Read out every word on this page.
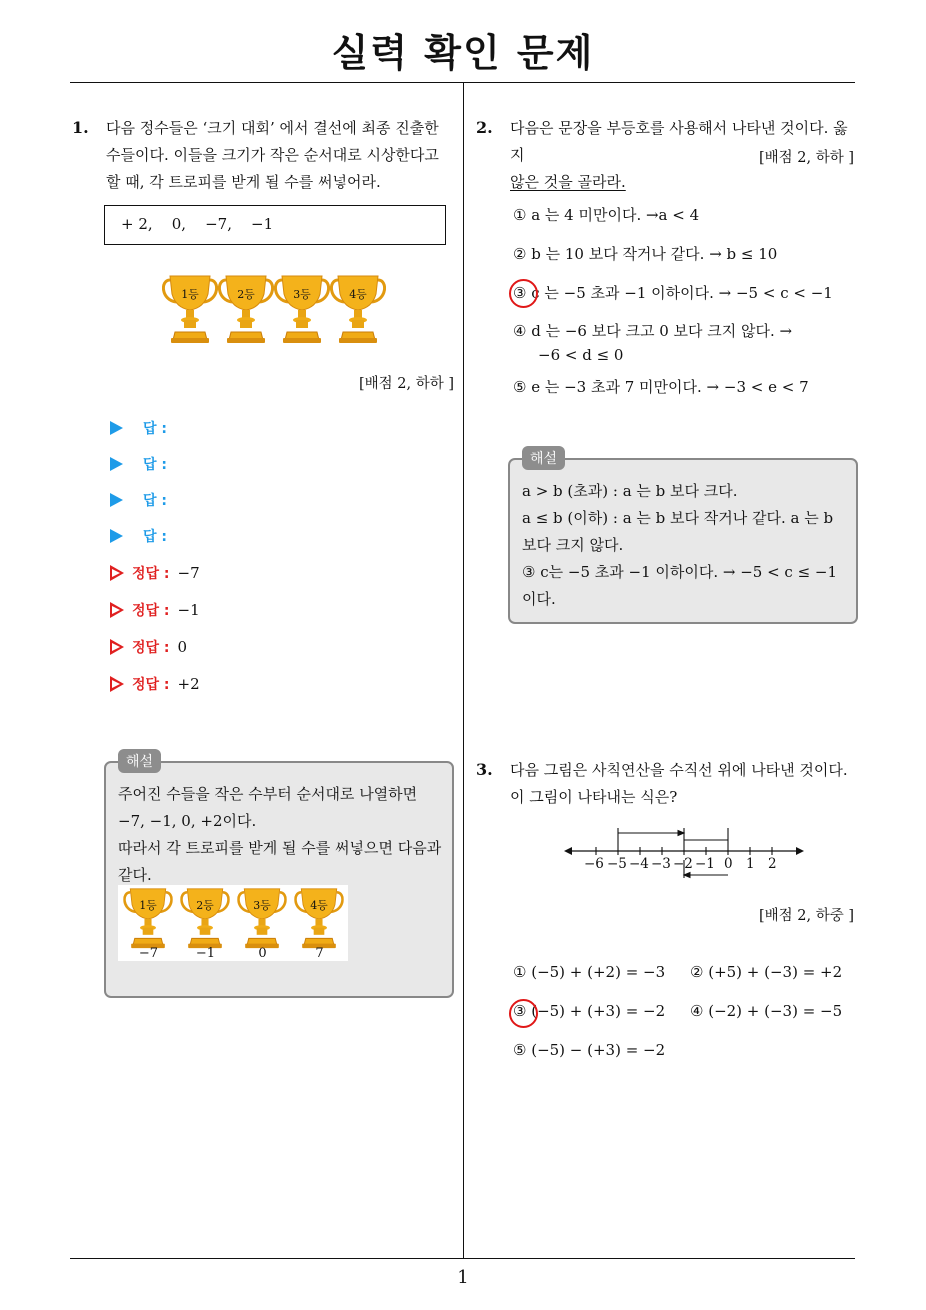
실력 확인 문제
1
1. 다음 정수들은 ‘크기 대회’ 에서 결선에 최종 진출한
수들이다. 이들을 크기가 작은 순서대로 시상한다고
할 때, 각 트로피를 받게 될 수를 써넣어라.
+ 2,    0,    −7,    −1
1등	2등	3등	4등
[배점 2, 하하 ]
답 :
답 :
답 :
답 :
정답 : −7
정답 : −1
정답 : 0
정답 : +2
해설
주어진 수들을 작은 수부터 순서대로 나열하면
−7, −1, 0, +2이다.
따라서 각 트로피를 받게 될 수를 써넣으면 다음과
같다.
1등	2등	3등	4등
−7	−1	0	7
2. 다음은 문장을 부등호를 사용해서 나타낸 것이다. 옳지
않은 것을 골라라.
[배점 2, 하하 ]
① a 는 4 미만이다. →a < 4
② b 는 10 보다 작거나 같다. → b ≤ 10
③ c 는 −5 초과 −1 이하이다. → −5 < c < −1
④ d 는 −6 보다 크고 0 보다 크지 않다. →
−6 < d ≤ 0
⑤ e 는 −3 초과 7 미만이다. → −3 < e < 7
해설
a > b (초과) : a 는 b 보다 크다.
a ≤ b (이하) : a 는 b 보다 작거나 같다. a 는 b
보다 크지 않다.
③ c는 −5 초과 −1 이하이다. → −5 < c ≤ −1
이다.
3. 다음 그림은 사칙연산을 수직선 위에 나타낸 것이다.
이 그림이 나타내는 식은?
−6 −5 −4 −3 −2 −1 0 1 2
[배점 2, 하중 ]
① (−5) + (+2) = −3 ② (+5) + (−3) = +2
③ (−5) + (+3) = −2 ④ (−2) + (−3) = −5
⑤ (−5) − (+3) = −2
